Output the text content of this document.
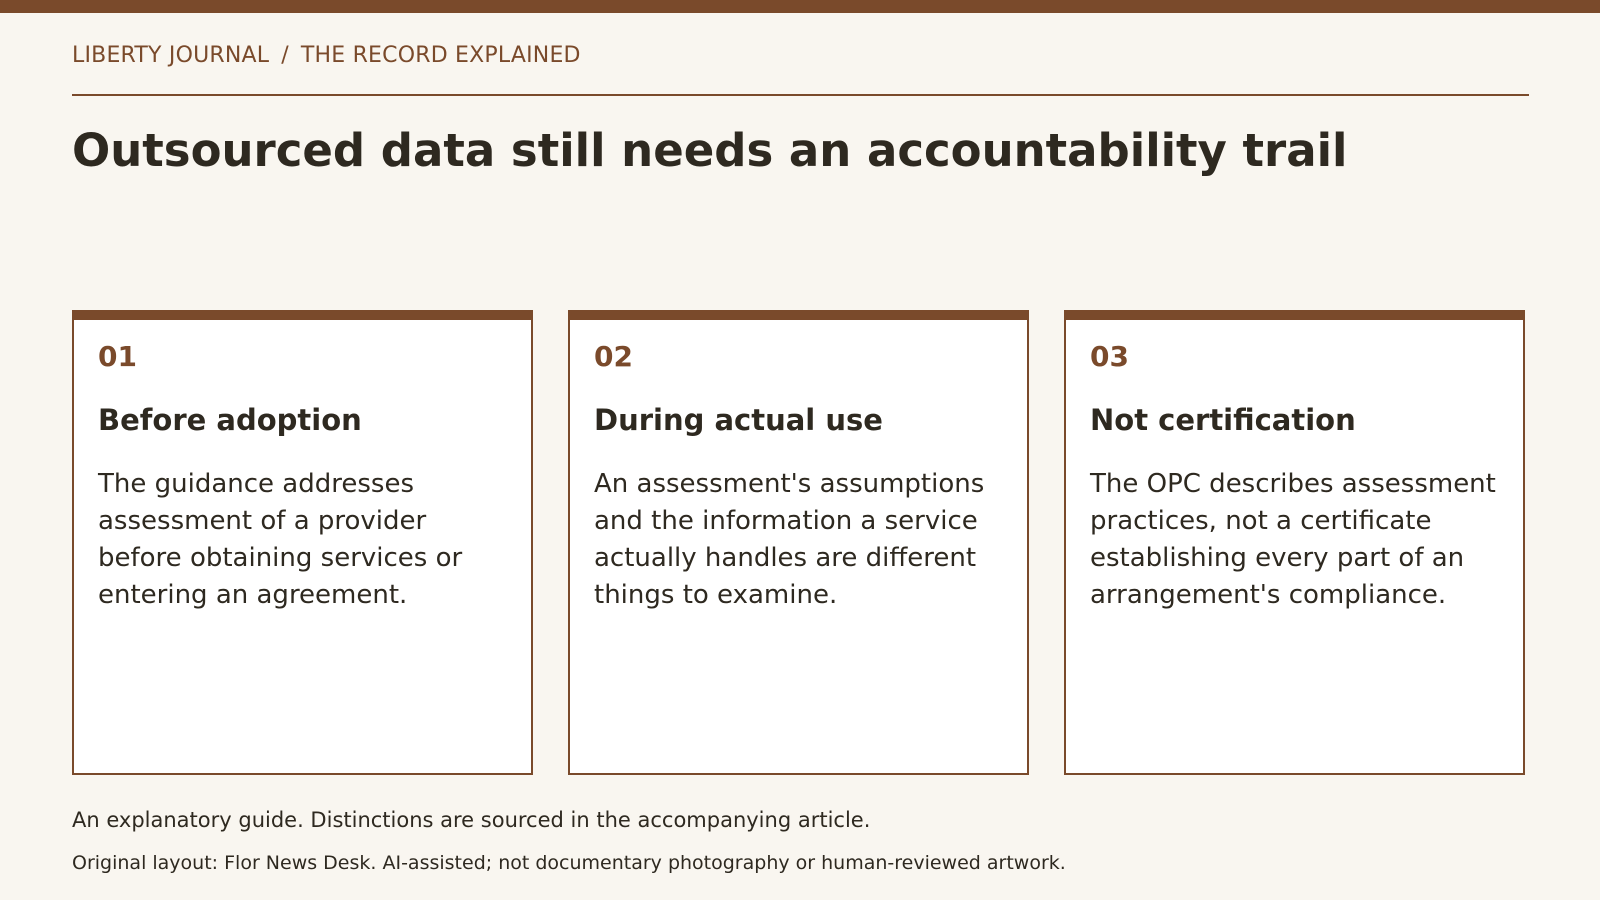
LIBERTY JOURNAL / THE RECORD EXPLAINED
Outsourced data still needs an accountability trail
01
Before adoption

The guidance addresses assessment of a provider before obtaining services or entering an agreement.

02
During actual use

An assessment's assumptions and the information a service actually handles are different things to examine.

03
Not certification

The OPC describes assessment practices, not a certificate establishing every part of an arrangement's compliance.

An explanatory guide. Distinctions are sourced in the accompanying article.
Original layout: Flor News Desk. AI-assisted; not documentary photography or human-reviewed artwork.
